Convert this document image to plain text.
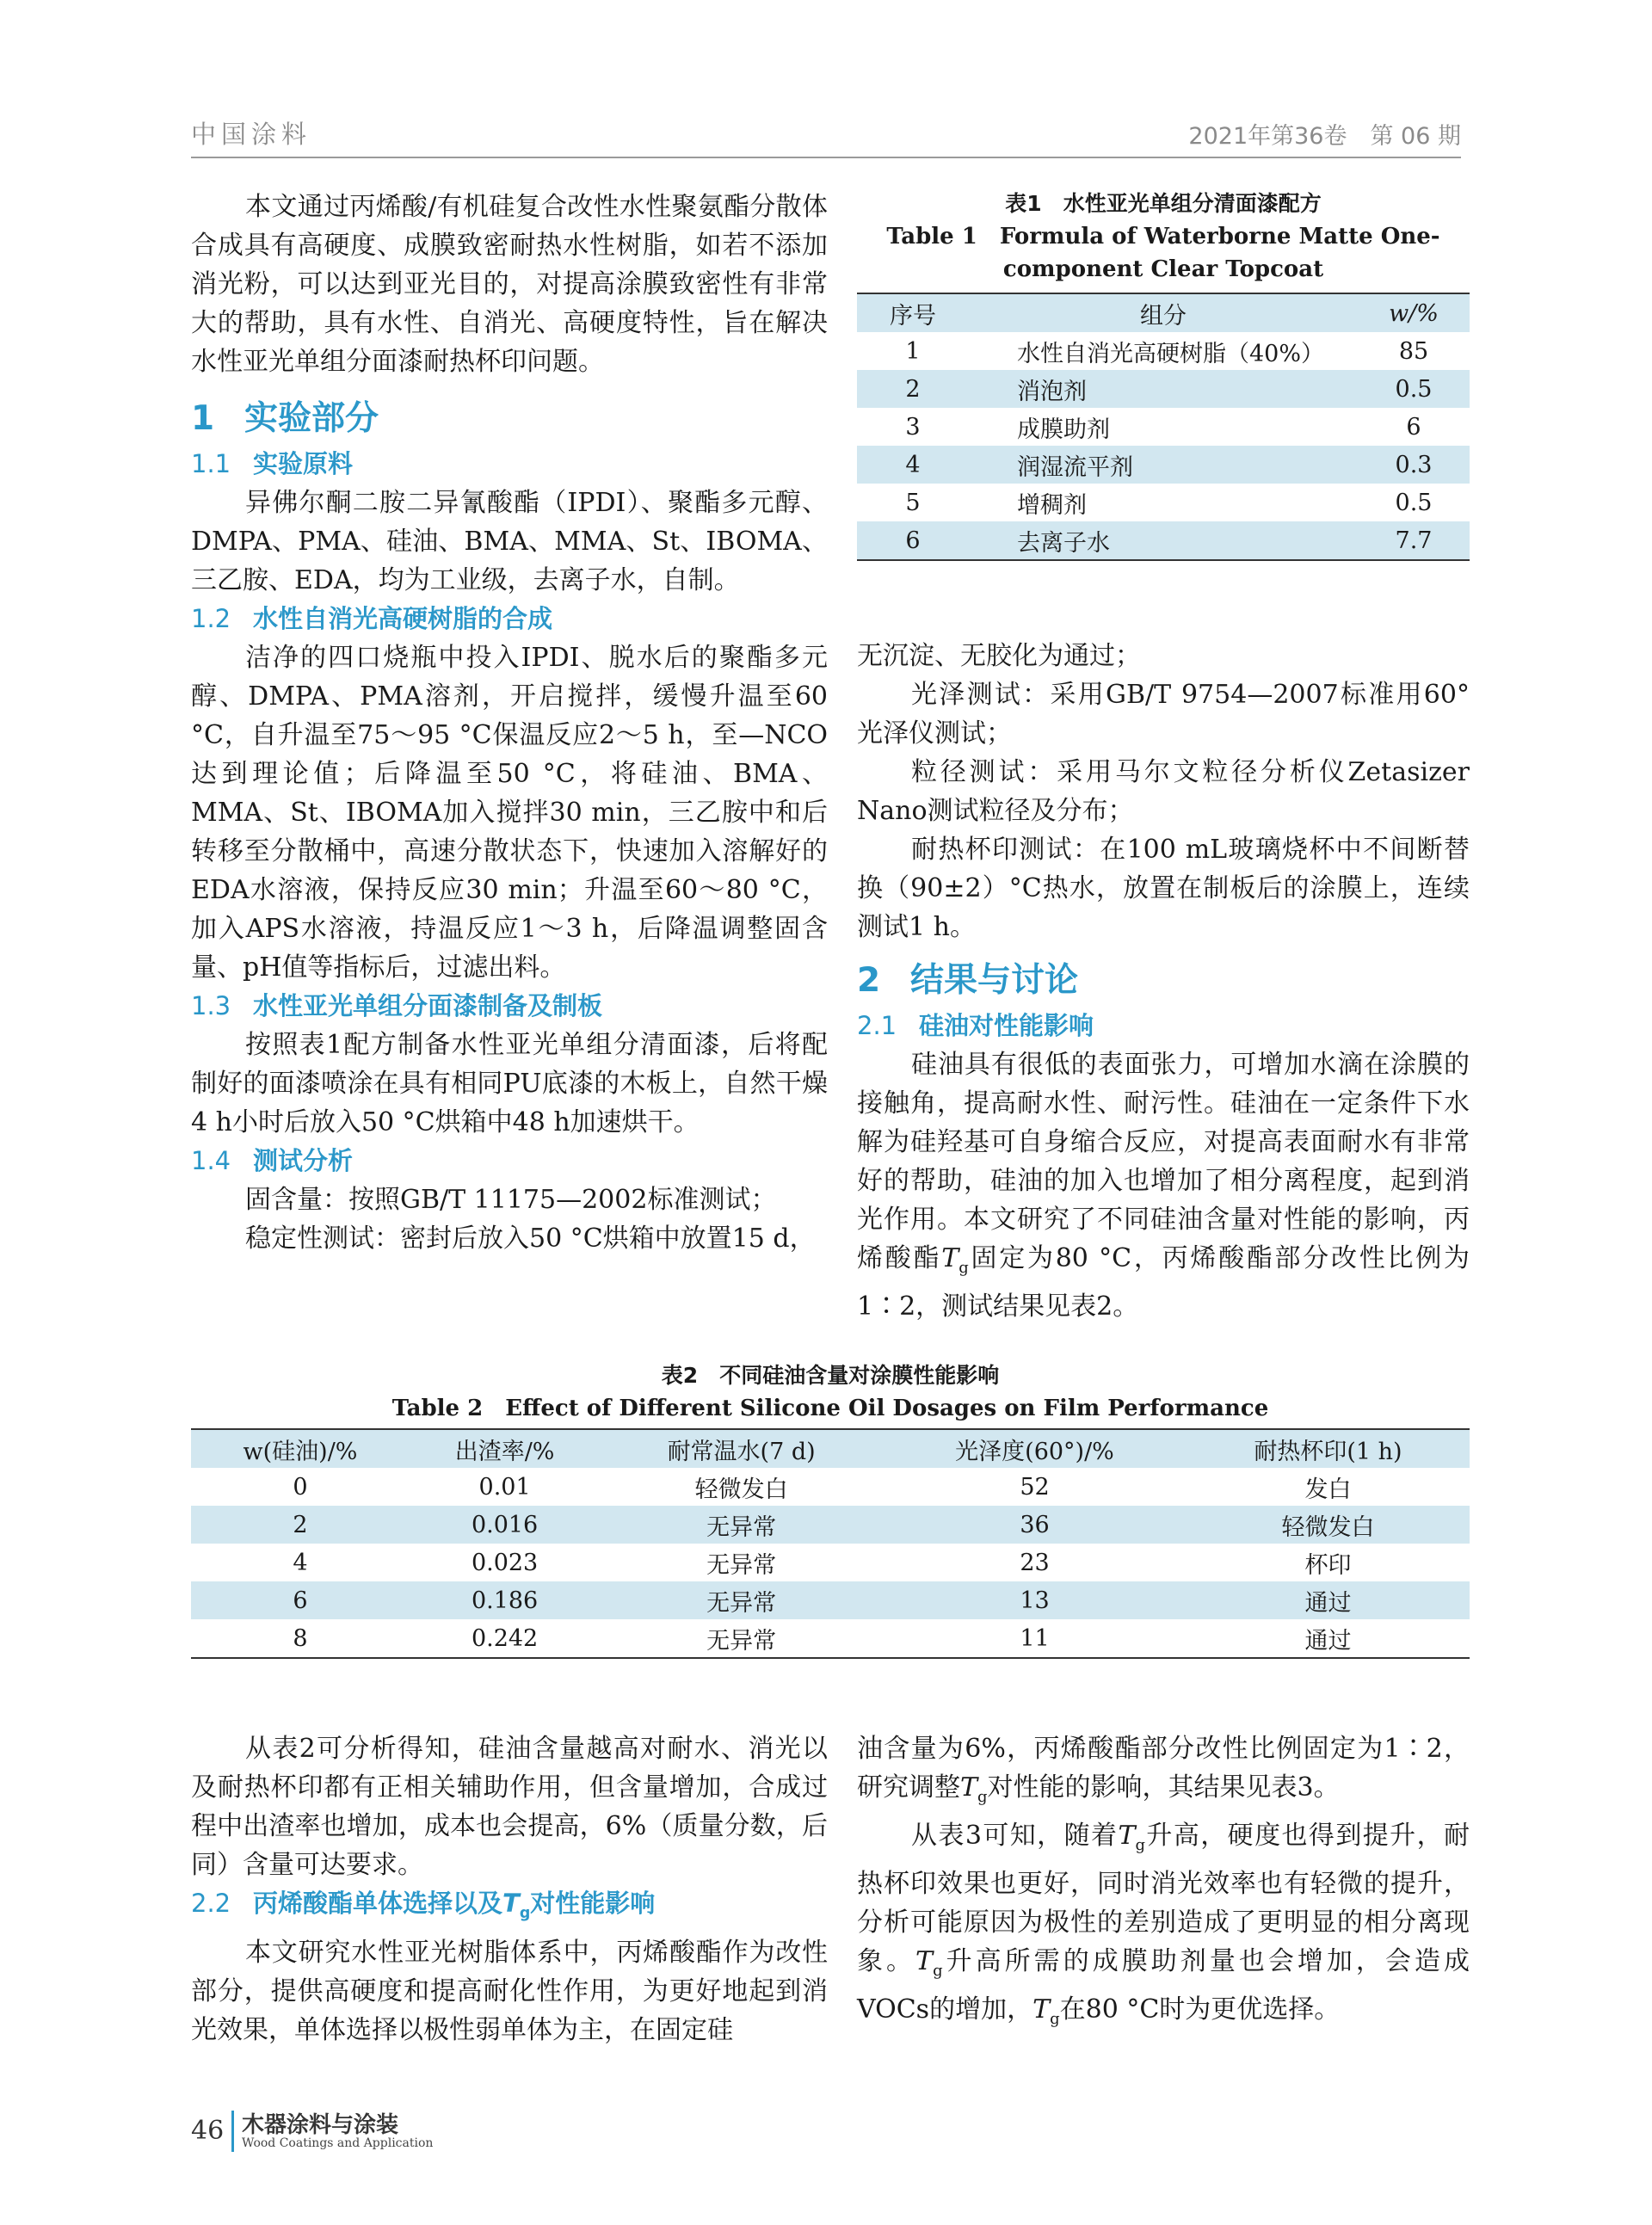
中国涂料	2021年第36卷　第 06 期

本文通过丙烯酸/有机硅复合改性水性聚氨酯分散体合成具有高硬度、成膜致密耐热水性树脂，如若不添加消光粉，可以达到亚光目的，对提高涂膜致密性有非常大的帮助，具有水性、自消光、高硬度特性，旨在解决水性亚光单组分面漆耐热杯印问题。

1 实验部分
1.1 实验原料

异佛尔酮二胺二异氰酸酯（IPDI）、聚酯多元醇、DMPA、PMA、硅油、BMA、MMA、St、IBOMA、三乙胺、EDA，均为工业级，去离子水，自制。

1.2 水性自消光高硬树脂的合成

洁净的四口烧瓶中投入IPDI、脱水后的聚酯多元醇、DMPA、PMA溶剂，开启搅拌，缓慢升温至60 °C，自升温至75～95 °C保温反应2～5 h，至—NCO达到理论值；后降温至50 °C，将硅油、BMA、MMA、St、IBOMA加入搅拌30 min，三乙胺中和后转移至分散桶中，高速分散状态下，快速加入溶解好的EDA水溶液，保持反应30 min；升温至60～80 °C，加入APS水溶液，持温反应1～3 h，后降温调整固含量、pH值等指标后，过滤出料。

1.3 水性亚光单组分面漆制备及制板

按照表1配方制备水性亚光单组分清面漆，后将配制好的面漆喷涂在具有相同PU底漆的木板上，自然干燥4 h小时后放入50 °C烘箱中48 h加速烘干。

1.4 测试分析

固含量：按照GB/T 11175—2002标准测试；

稳定性测试：密封后放入50 °C烘箱中放置15 d，

表1　水性亚光单组分清面漆配方
Table 1　Formula of Waterborne Matte One-component Clear Topcoat
序号	组分	w/%
1	水性自消光高硬树脂（40%）	85
2	消泡剂	0.5
3	成膜助剂	6
4	润湿流平剂	0.3
5	增稠剂	0.5
6	去离子水	7.7

无沉淀、无胶化为通过；

光泽测试：采用GB/T 9754—2007标准用60°光泽仪测试；

粒径测试：采用马尔文粒径分析仪Zetasizer Nano测试粒径及分布；

耐热杯印测试：在100 mL玻璃烧杯中不间断替换（90±2）°C热水，放置在制板后的涂膜上，连续测试1 h。

2 结果与讨论
2.1 硅油对性能影响

硅油具有很低的表面张力，可增加水滴在涂膜的接触角，提高耐水性、耐污性。硅油在一定条件下水解为硅羟基可自身缩合反应，对提高表面耐水有非常好的帮助，硅油的加入也增加了相分离程度，起到消光作用。本文研究了不同硅油含量对性能的影响，丙烯酸酯$T_g$固定为80 °C，丙烯酸酯部分改性比例为1∶2，测试结果见表2。

表2　不同硅油含量对涂膜性能影响
Table 2　Effect of Different Silicone Oil Dosages on Film Performance
w(硅油)/%	出渣率/%	耐常温水(7 d)	光泽度(60°)/%	耐热杯印(1 h)
0	0.01	轻微发白	52	发白
2	0.016	无异常	36	轻微发白
4	0.023	无异常	23	杯印
6	0.186	无异常	13	通过
8	0.242	无异常	11	通过

从表2可分析得知，硅油含量越高对耐水、消光以及耐热杯印都有正相关辅助作用，但含量增加，合成过程中出渣率也增加，成本也会提高，6%（质量分数，后同）含量可达要求。

2.2 丙烯酸酯单体选择以及$T_g$对性能影响

本文研究水性亚光树脂体系中，丙烯酸酯作为改性部分，提供高硬度和提高耐化性作用，为更好地起到消光效果，单体选择以极性弱单体为主，在固定硅

油含量为6%，丙烯酸酯部分改性比例固定为1∶2，研究调整$T_g$对性能的影响，其结果见表3。

从表3可知，随着$T_g$升高，硬度也得到提升，耐热杯印效果也更好，同时消光效率也有轻微的提升，分析可能原因为极性的差别造成了更明显的相分离现象。$T_g$升高所需的成膜助剂量也会增加，会造成VOCs的增加，$T_g$在80 °C时为更优选择。

46 木器涂料与涂装
Wood Coatings and Application
